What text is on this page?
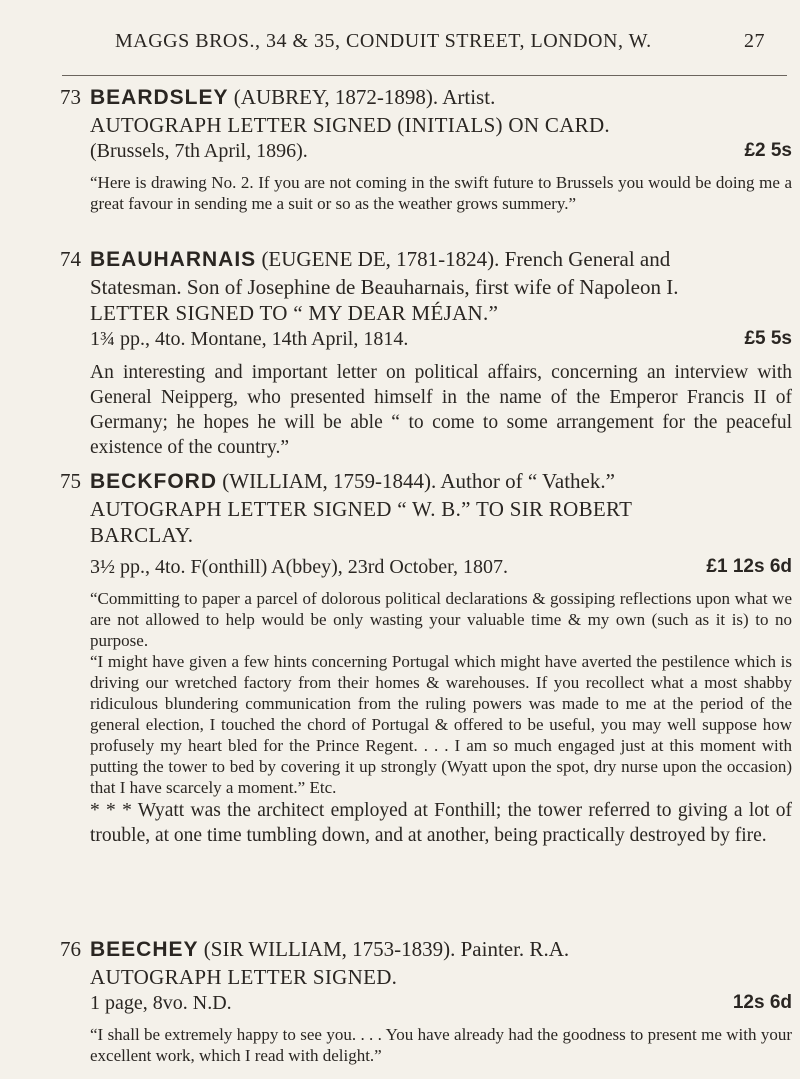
MAGGS BROS., 34 & 35, CONDUIT STREET, LONDON, W.	27
73 BEARDSLEY (AUBREY, 1872-1898). Artist.
AUTOGRAPH LETTER SIGNED (INITIALS) ON CARD.
(Brussels, 7th April, 1896).	£2 5s
“Here is drawing No. 2. If you are not coming in the swift future to Brussels you would be doing me a great favour in sending me a suit or so as the weather grows summery.”
74 BEAUHARNAIS (EUGENE DE, 1781-1824). French General and
Statesman. Son of Josephine de Beauharnais, first wife of Napoleon I.
LETTER SIGNED TO “ MY DEAR MÉJAN.”
1¾ pp., 4to. Montane, 14th April, 1814.	£5 5s
An interesting and important letter on political affairs, concerning an interview with General Neipperg, who presented himself in the name of the Emperor Francis II of Germany; he hopes he will be able “ to come to some arrangement for the peaceful existence of the country.”
75 BECKFORD (WILLIAM, 1759-1844). Author of “ Vathek.”
AUTOGRAPH LETTER SIGNED “ W. B.” TO SIR ROBERT
BARCLAY.
3½ pp., 4to. F(onthill) A(bbey), 23rd October, 1807.	£1 12s 6d
“Committing to paper a parcel of dolorous political declarations & gossiping reflections upon what we are not allowed to help would be only wasting your valuable time & my own (such as it is) to no purpose.
“I might have given a few hints concerning Portugal which might have averted the pestilence which is driving our wretched factory from their homes & warehouses. If you recollect what a most shabby ridiculous blundering communication from the ruling powers was made to me at the period of the general election, I touched the chord of Portugal & offered to be useful, you may well suppose how profusely my heart bled for the Prince Regent. . . . I am so much engaged just at this moment with putting the tower to bed by covering it up strongly (Wyatt upon the spot, dry nurse upon the occasion) that I have scarcely a moment.” Etc.
* * * Wyatt was the architect employed at Fonthill; the tower referred to giving a lot of trouble, at one time tumbling down, and at another, being practically destroyed by fire.
76 BEECHEY (SIR WILLIAM, 1753-1839). Painter. R.A.
AUTOGRAPH LETTER SIGNED.
1 page, 8vo. N.D.	12s 6d
“I shall be extremely happy to see you. . . . You have already had the goodness to present me with your excellent work, which I read with delight.”
